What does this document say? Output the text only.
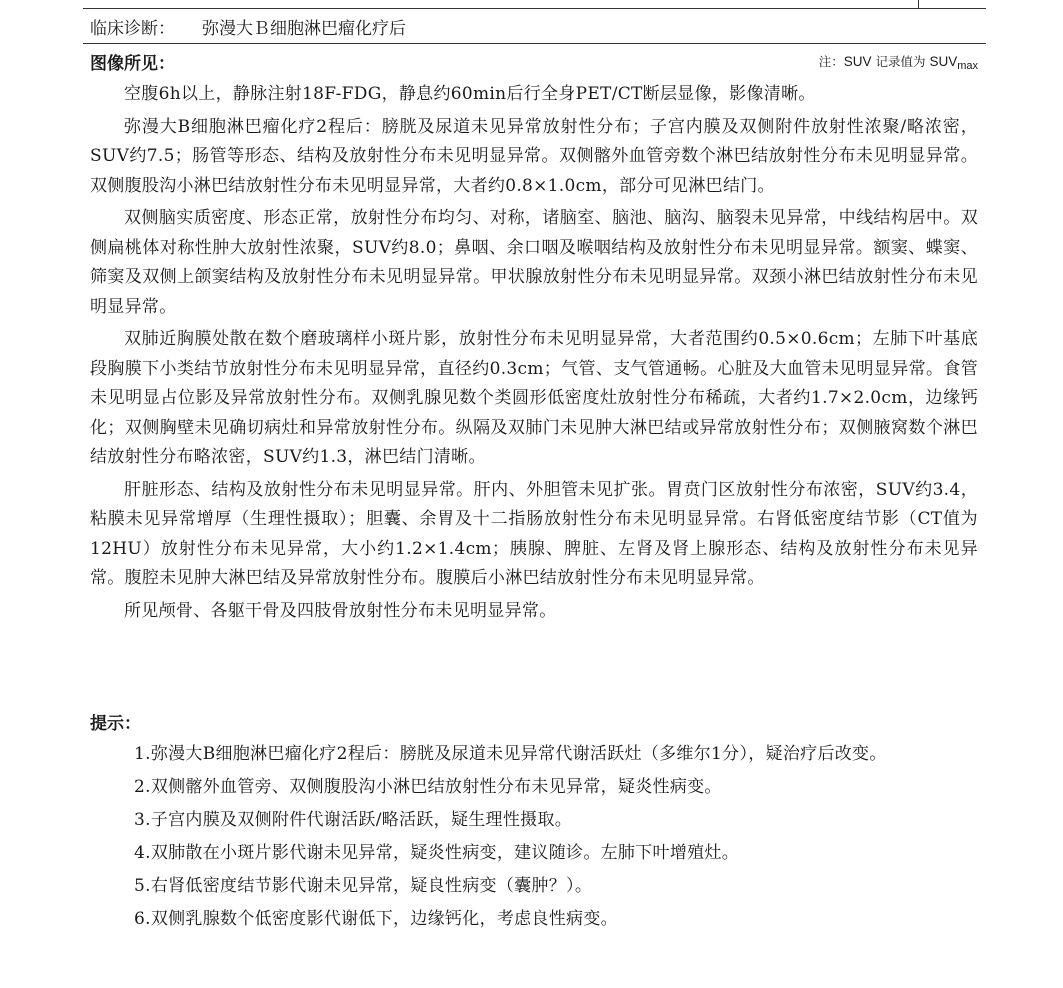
临床诊断： 弥漫大Ｂ细胞淋巴瘤化疗后
图像所见：	注：SUV 记录值为 $SUV_{max}$

空腹6h以上，静脉注射18F-FDG，静息约60min后行全身PET/CT断层显像，影像清晰。

弥漫大B细胞淋巴瘤化疗2程后：膀胱及尿道未见异常放射性分布；子宫内膜及双侧附件放射性浓聚/略浓密，SUV约7.5；肠管等形态、结构及放射性分布未见明显异常。双侧髂外血管旁数个淋巴结放射性分布未见明显异常。双侧腹股沟小淋巴结放射性分布未见明显异常，大者约0.8×1.0cm，部分可见淋巴结门。

双侧脑实质密度、形态正常，放射性分布均匀、对称，诸脑室、脑池、脑沟、脑裂未见异常，中线结构居中。双侧扁桃体对称性肿大放射性浓聚，SUV约8.0；鼻咽、余口咽及喉咽结构及放射性分布未见明显异常。额窦、蝶窦、筛窦及双侧上颌窦结构及放射性分布未见明显异常。甲状腺放射性分布未见明显异常。双颈小淋巴结放射性分布未见明显异常。

双肺近胸膜处散在数个磨玻璃样小斑片影，放射性分布未见明显异常，大者范围约0.5×0.6cm；左肺下叶基底段胸膜下小类结节放射性分布未见明显异常，直径约0.3cm；气管、支气管通畅。心脏及大血管未见明显异常。食管未见明显占位影及异常放射性分布。双侧乳腺见数个类圆形低密度灶放射性分布稀疏，大者约1.7×2.0cm，边缘钙化；双侧胸壁未见确切病灶和异常放射性分布。纵隔及双肺门未见肿大淋巴结或异常放射性分布；双侧腋窝数个淋巴结放射性分布略浓密，SUV约1.3，淋巴结门清晰。

肝脏形态、结构及放射性分布未见明显异常。肝内、外胆管未见扩张。胃贲门区放射性分布浓密，SUV约3.4，粘膜未见异常增厚（生理性摄取）；胆囊、余胃及十二指肠放射性分布未见明显异常。右肾低密度结节影（CT值为12HU）放射性分布未见异常，大小约1.2×1.4cm；胰腺、脾脏、左肾及肾上腺形态、结构及放射性分布未见异常。腹腔未见肿大淋巴结及异常放射性分布。腹膜后小淋巴结放射性分布未见明显异常。

所见颅骨、各躯干骨及四肢骨放射性分布未见明显异常。

提示：
1.弥漫大B细胞淋巴瘤化疗2程后：膀胱及尿道未见异常代谢活跃灶（多维尔1分），疑治疗后改变。
2.双侧髂外血管旁、双侧腹股沟小淋巴结放射性分布未见异常，疑炎性病变。
3.子宫内膜及双侧附件代谢活跃/略活跃，疑生理性摄取。
4.双肺散在小斑片影代谢未见异常，疑炎性病变，建议随诊。左肺下叶增殖灶。
5.右肾低密度结节影代谢未见异常，疑良性病变（囊肿？）。
6.双侧乳腺数个低密度影代谢低下，边缘钙化，考虑良性病变。
